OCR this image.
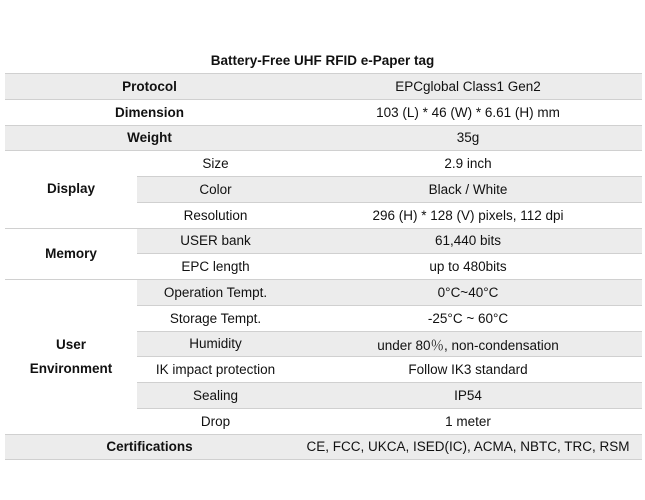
Battery-Free UHF RFID e-Paper tag
Protocol		EPCglobal Class1 Gen2
Dimension		103 (L) * 46 (W) * 6.61 (H) mm
Weight		35g
Display	Size	2.9 inch
	Color	Black / White
	Resolution	296 (H) * 128 (V) pixels, 112 dpi
Memory	USER bank	61,440 bits
	EPC length	up to 480bits

User
Environment	Operation Tempt.	0°C~40°C
	Storage Tempt.	-25°C ~ 60°C
	Humidity	under 80％, non-condensation
	IK impact protection	Follow IK3 standard
	Sealing	IP54
	Drop	1 meter
Certifications		CE, FCC, UKCA, ISED(IC), ACMA, NBTC, TRC, RSM
